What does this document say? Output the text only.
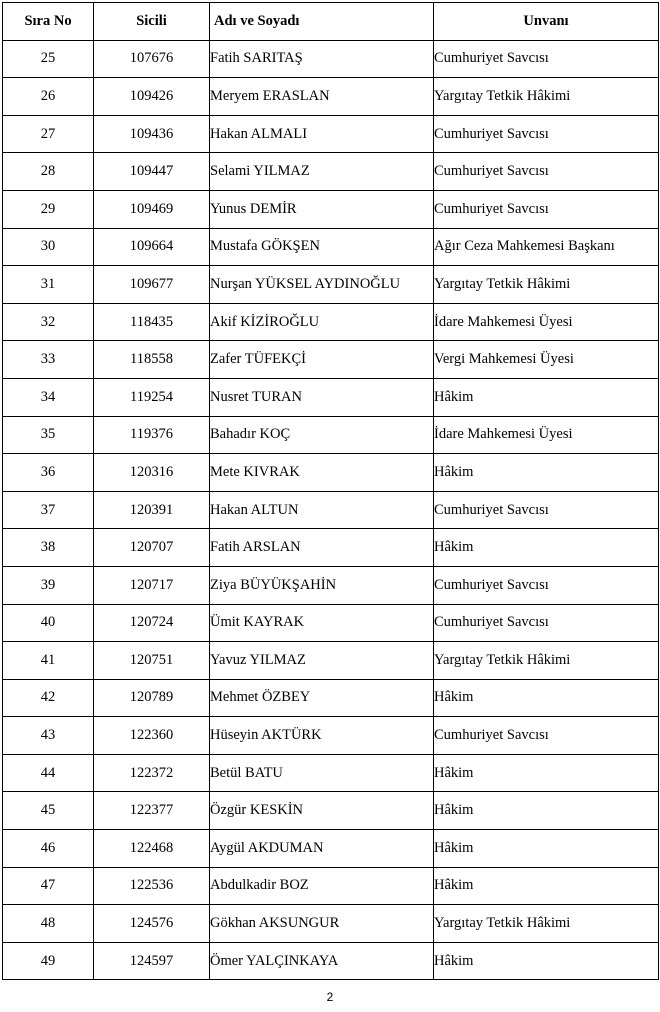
Sıra No	Sicili	Adı ve Soyadı	Unvanı
25	107676	Fatih SARITAŞ	Cumhuriyet Savcısı
26	109426	Meryem ERASLAN	Yargıtay Tetkik Hâkimi
27	109436	Hakan ALMALI	Cumhuriyet Savcısı
28	109447	Selami YILMAZ	Cumhuriyet Savcısı
29	109469	Yunus DEMİR	Cumhuriyet Savcısı
30	109664	Mustafa GÖKŞEN	Ağır Ceza Mahkemesi Başkanı
31	109677	Nurşan YÜKSEL AYDINOĞLU	Yargıtay Tetkik Hâkimi
32	118435	Akif KİZİROĞLU	İdare Mahkemesi Üyesi
33	118558	Zafer TÜFEKÇİ	Vergi Mahkemesi Üyesi
34	119254	Nusret TURAN	Hâkim
35	119376	Bahadır KOÇ	İdare Mahkemesi Üyesi
36	120316	Mete KIVRAK	Hâkim
37	120391	Hakan ALTUN	Cumhuriyet Savcısı
38	120707	Fatih ARSLAN	Hâkim
39	120717	Ziya BÜYÜKŞAHİN	Cumhuriyet Savcısı
40	120724	Ümit KAYRAK	Cumhuriyet Savcısı
41	120751	Yavuz YILMAZ	Yargıtay Tetkik Hâkimi
42	120789	Mehmet ÖZBEY	Hâkim
43	122360	Hüseyin AKTÜRK	Cumhuriyet Savcısı
44	122372	Betül BATU	Hâkim
45	122377	Özgür KESKİN	Hâkim
46	122468	Aygül AKDUMAN	Hâkim
47	122536	Abdulkadir BOZ	Hâkim
48	124576	Gökhan AKSUNGUR	Yargıtay Tetkik Hâkimi
49	124597	Ömer YALÇINKAYA	Hâkim
2
